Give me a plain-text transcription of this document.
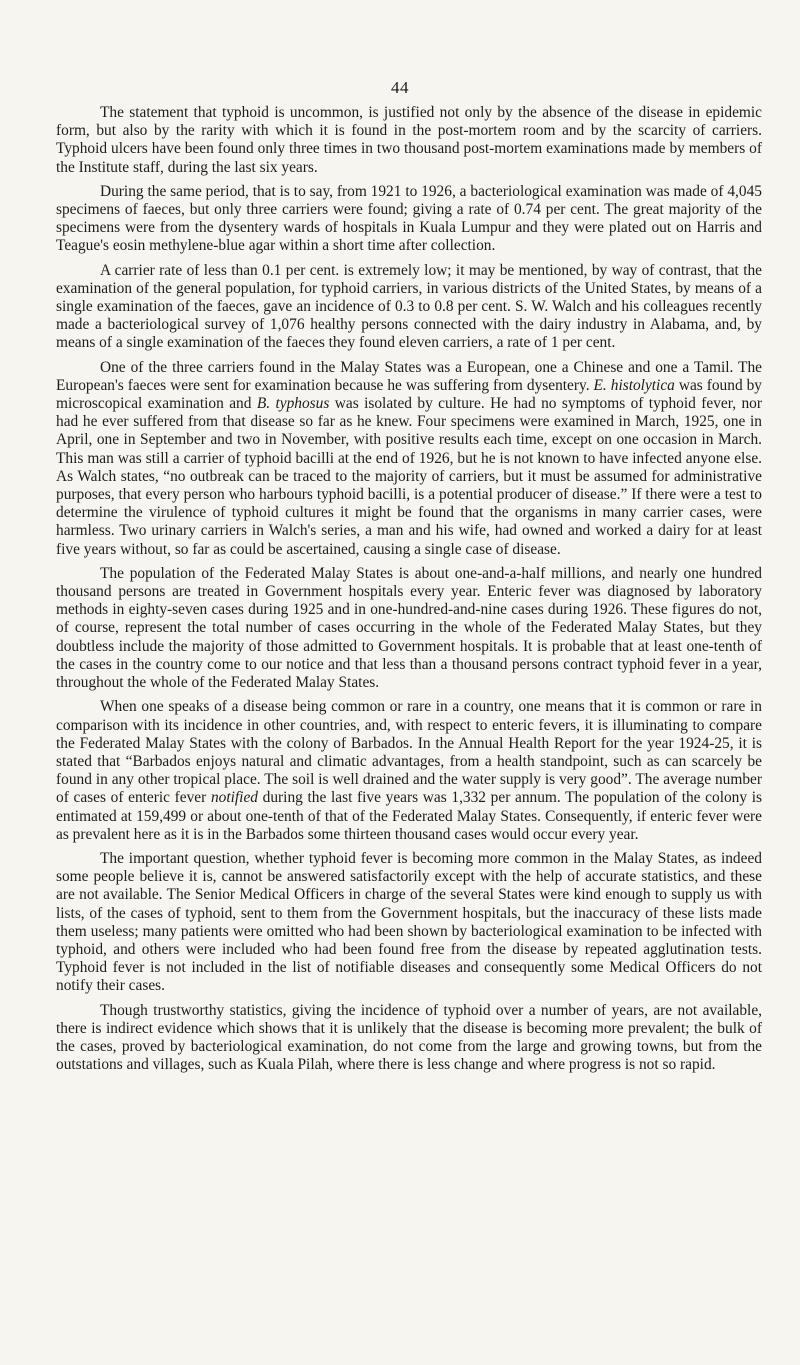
44

The statement that typhoid is uncommon, is justified not only by the absence of the disease in epidemic form, but also by the rarity with which it is found in the post-mortem room and by the scarcity of carriers. Typhoid ulcers have been found only three times in two thousand post-mortem examinations made by members of the Institute staff, during the last six years.

During the same period, that is to say, from 1921 to 1926, a bacteriological examination was made of 4,045 specimens of faeces, but only three carriers were found; giving a rate of 0.74 per cent. The great majority of the specimens were from the dysentery wards of hospitals in Kuala Lumpur and they were plated out on Harris and Teague's eosin methylene-blue agar within a short time after collection.

A carrier rate of less than 0.1 per cent. is extremely low; it may be mentioned, by way of contrast, that the examination of the general population, for typhoid carriers, in various districts of the United States, by means of a single examination of the faeces, gave an incidence of 0.3 to 0.8 per cent. S. W. Walch and his colleagues recently made a bacteriological survey of 1,076 healthy persons connected with the dairy industry in Alabama, and, by means of a single examination of the faeces they found eleven carriers, a rate of 1 per cent.

One of the three carriers found in the Malay States was a European, one a Chinese and one a Tamil. The European's faeces were sent for examination because he was suffering from dysentery. E. histolytica was found by microscopical examination and B. typhosus was isolated by culture. He had no symptoms of typhoid fever, nor had he ever suffered from that disease so far as he knew. Four specimens were examined in March, 1925, one in April, one in September and two in November, with positive results each time, except on one occasion in March. This man was still a carrier of typhoid bacilli at the end of 1926, but he is not known to have infected anyone else. As Walch states, “no outbreak can be traced to the majority of carriers, but it must be assumed for administrative purposes, that every person who harbours typhoid bacilli, is a potential producer of disease.” If there were a test to determine the virulence of typhoid cultures it might be found that the organisms in many carrier cases, were harmless. Two urinary carriers in Walch's series, a man and his wife, had owned and worked a dairy for at least five years without, so far as could be ascertained, causing a single case of disease.

The population of the Federated Malay States is about one-and-a-half millions, and nearly one hundred thousand persons are treated in Government hospitals every year. Enteric fever was diagnosed by laboratory methods in eighty-seven cases during 1925 and in one-hundred-and-nine cases during 1926. These figures do not, of course, represent the total number of cases occurring in the whole of the Federated Malay States, but they doubtless include the majority of those admitted to Government hospitals. It is probable that at least one-tenth of the cases in the country come to our notice and that less than a thousand persons contract typhoid fever in a year, throughout the whole of the Federated Malay States.

When one speaks of a disease being common or rare in a country, one means that it is common or rare in comparison with its incidence in other countries, and, with respect to enteric fevers, it is illuminating to compare the Federated Malay States with the colony of Barbados. In the Annual Health Report for the year 1924-25, it is stated that “Barbados enjoys natural and climatic advantages, from a health standpoint, such as can scarcely be found in any other tropical place. The soil is well drained and the water supply is very good”. The average number of cases of enteric fever notified during the last five years was 1,332 per annum. The population of the colony is entimated at 159,499 or about one-tenth of that of the Federated Malay States. Consequently, if enteric fever were as prevalent here as it is in the Barbados some thirteen thousand cases would occur every year.

The important question, whether typhoid fever is becoming more common in the Malay States, as indeed some people believe it is, cannot be answered satisfactorily except with the help of accurate statistics, and these are not available. The Senior Medical Officers in charge of the several States were kind enough to supply us with lists, of the cases of typhoid, sent to them from the Government hospitals, but the inaccuracy of these lists made them useless; many patients were omitted who had been shown by bacteriological examination to be infected with typhoid, and others were included who had been found free from the disease by repeated agglutination tests. Typhoid fever is not included in the list of notifiable diseases and consequently some Medical Officers do not notify their cases.

Though trustworthy statistics, giving the incidence of typhoid over a number of years, are not available, there is indirect evidence which shows that it is unlikely that the disease is becoming more prevalent; the bulk of the cases, proved by bacteriological examination, do not come from the large and growing towns, but from the outstations and villages, such as Kuala Pilah, where there is less change and where progress is not so rapid.
